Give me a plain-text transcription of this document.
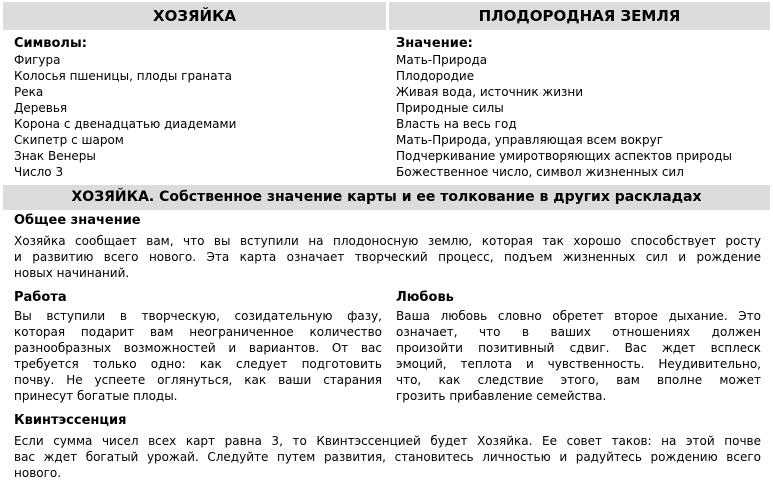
ХОЗЯЙКА	ПЛОДОРОДНАЯ ЗЕМЛЯ
Символы:
Фигура
Колосья пшеницы, плоды граната
Река
Деревья
Корона с двенадцатью диадемами
Скипетр с шаром
Знак Венеры
Число 3
Значение:
Мать-Природа
Плодородие
Живая вода, источник жизни
Природные силы
Власть на весь год
Мать-Природа, управляющая всем вокруг
Подчеркивание умиротворяющих аспектов природы
Божественное число, символ жизненных сил
ХОЗЯЙКА. Собственное значение карты и ее толкование в других раскладах
Общее значение
Хозяйка сообщает вам, что вы вступили на плодоносную землю, которая так хорошо способствует росту
и развитию всего нового. Эта карта означает творческий процесс, подъем жизненных сил и рождение
новых начинаний.
Работа
Вы вступили в творческую, созидательную фазу,
которая подарит вам неограниченное количество
разнообразных возможностей и вариантов. От вас
требуется только одно: как следует подготовить
почву. Не успеете оглянуться, как ваши старания
принесут богатые плоды.
Любовь
Ваша любовь словно обретет второе дыхание. Это
означает, что в ваших отношениях должен
произойти позитивный сдвиг. Вас ждет всплеск
эмоций, теплота и чувственность. Неудивительно,
что, как следствие этого, вам вполне может
грозить прибавление семейства.
Квинтэссенция
Если сумма чисел всех карт равна 3, то Квинтэссенцией будет Хозяйка. Ее совет таков: на этой почве
вас ждет богатый урожай. Следуйте путем развития, становитесь личностью и радуйтесь рождению всего
нового.
